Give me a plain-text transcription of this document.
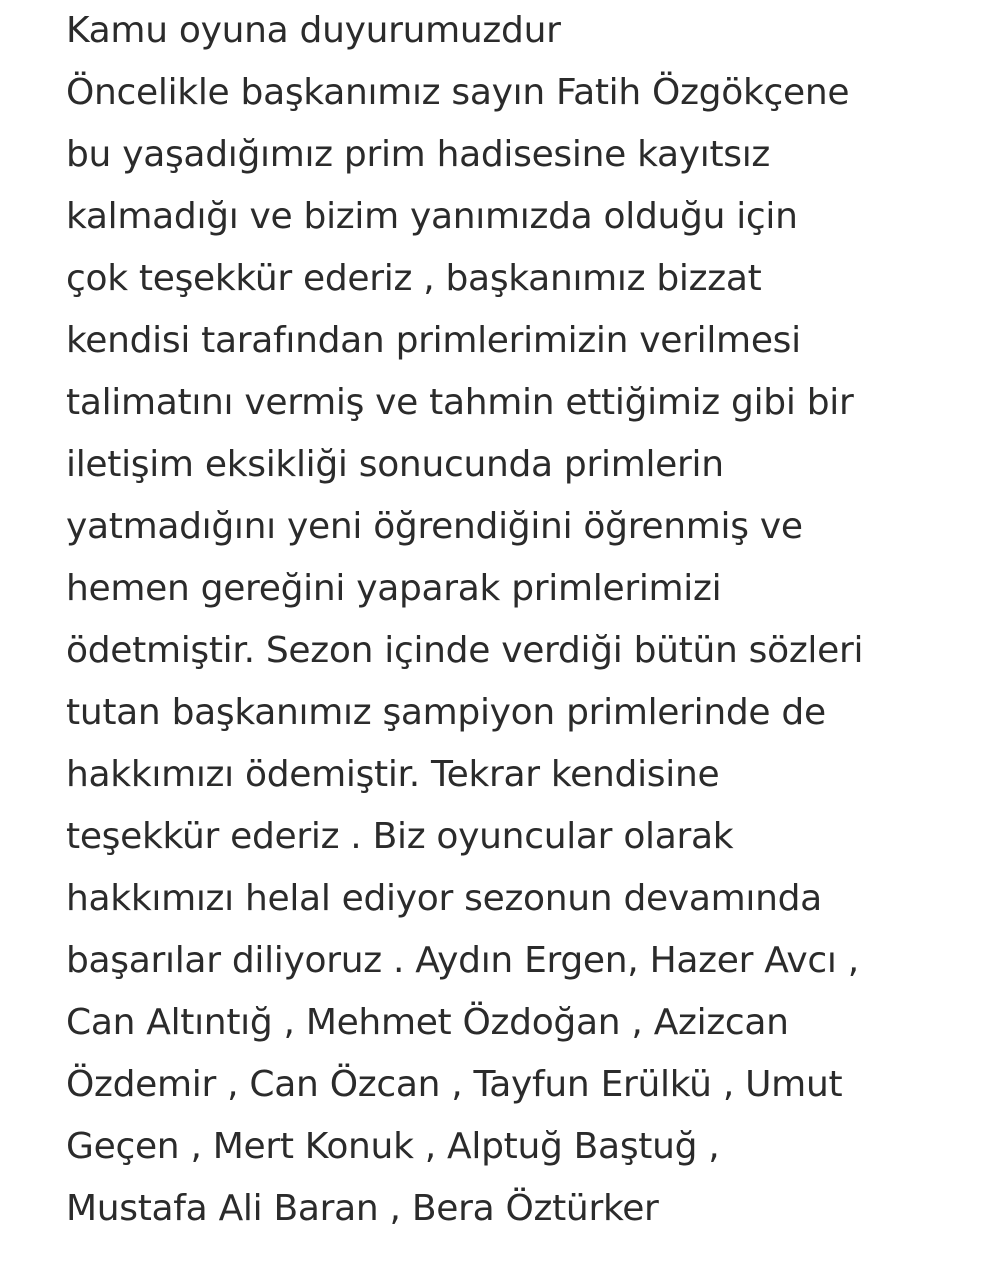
Kamu oyuna duyurumuzdur
Öncelikle başkanımız sayın Fatih Özgökçene
bu yaşadığımız prim hadisesine kayıtsız
kalmadığı ve bizim yanımızda olduğu için
çok teşekkür ederiz , başkanımız bizzat
kendisi tarafından primlerimizin verilmesi
talimatını vermiş ve tahmin ettiğimiz gibi bir
iletişim eksikliği sonucunda primlerin
yatmadığını yeni öğrendiğini öğrenmiş ve
hemen gereğini yaparak primlerimizi
ödetmiştir. Sezon içinde verdiği bütün sözleri
tutan başkanımız şampiyon primlerinde de
hakkımızı ödemiştir. Tekrar kendisine
teşekkür ederiz . Biz oyuncular olarak
hakkımızı helal ediyor sezonun devamında
başarılar diliyoruz . Aydın Ergen, Hazer Avcı ,
Can Altıntığ , Mehmet Özdoğan , Azizcan
Özdemir , Can Özcan , Tayfun Erülkü , Umut
Geçen , Mert Konuk , Alptuğ Baştuğ ,
Mustafa Ali Baran , Bera Öztürker
